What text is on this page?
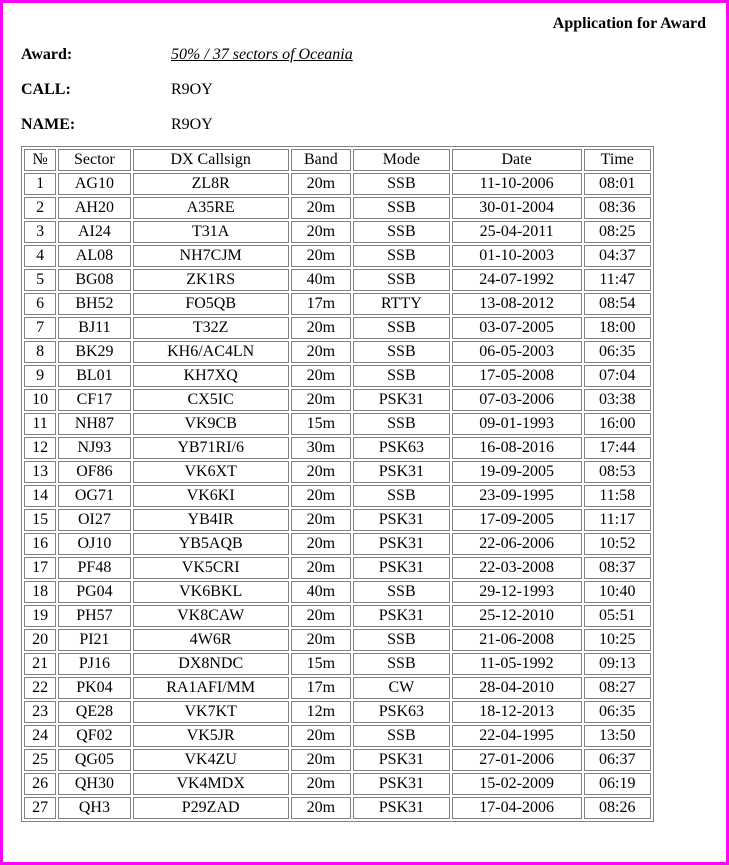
Application for Award
Award:	50% / 37 sectors of Oceania
CALL:	R9OY
NAME:	R9OY
№	Sector	DX Callsign	Band	Mode	Date	Time
1	AG10	ZL8R	20m	SSB	11-10-2006	08:01
2	AH20	A35RE	20m	SSB	30-01-2004	08:36
3	AI24	T31A	20m	SSB	25-04-2011	08:25
4	AL08	NH7CJM	20m	SSB	01-10-2003	04:37
5	BG08	ZK1RS	40m	SSB	24-07-1992	11:47
6	BH52	FO5QB	17m	RTTY	13-08-2012	08:54
7	BJ11	T32Z	20m	SSB	03-07-2005	18:00
8	BK29	KH6/AC4LN	20m	SSB	06-05-2003	06:35
9	BL01	KH7XQ	20m	SSB	17-05-2008	07:04
10	CF17	CX5IC	20m	PSK31	07-03-2006	03:38
11	NH87	VK9CB	15m	SSB	09-01-1993	16:00
12	NJ93	YB71RI/6	30m	PSK63	16-08-2016	17:44
13	OF86	VK6XT	20m	PSK31	19-09-2005	08:53
14	OG71	VK6KI	20m	SSB	23-09-1995	11:58
15	OI27	YB4IR	20m	PSK31	17-09-2005	11:17
16	OJ10	YB5AQB	20m	PSK31	22-06-2006	10:52
17	PF48	VK5CRI	20m	PSK31	22-03-2008	08:37
18	PG04	VK6BKL	40m	SSB	29-12-1993	10:40
19	PH57	VK8CAW	20m	PSK31	25-12-2010	05:51
20	PI21	4W6R	20m	SSB	21-06-2008	10:25
21	PJ16	DX8NDC	15m	SSB	11-05-1992	09:13
22	PK04	RA1AFI/MM	17m	CW	28-04-2010	08:27
23	QE28	VK7KT	12m	PSK63	18-12-2013	06:35
24	QF02	VK5JR	20m	SSB	22-04-1995	13:50
25	QG05	VK4ZU	20m	PSK31	27-01-2006	06:37
26	QH30	VK4MDX	20m	PSK31	15-02-2009	06:19
27	QH3	P29ZAD	20m	PSK31	17-04-2006	08:26
